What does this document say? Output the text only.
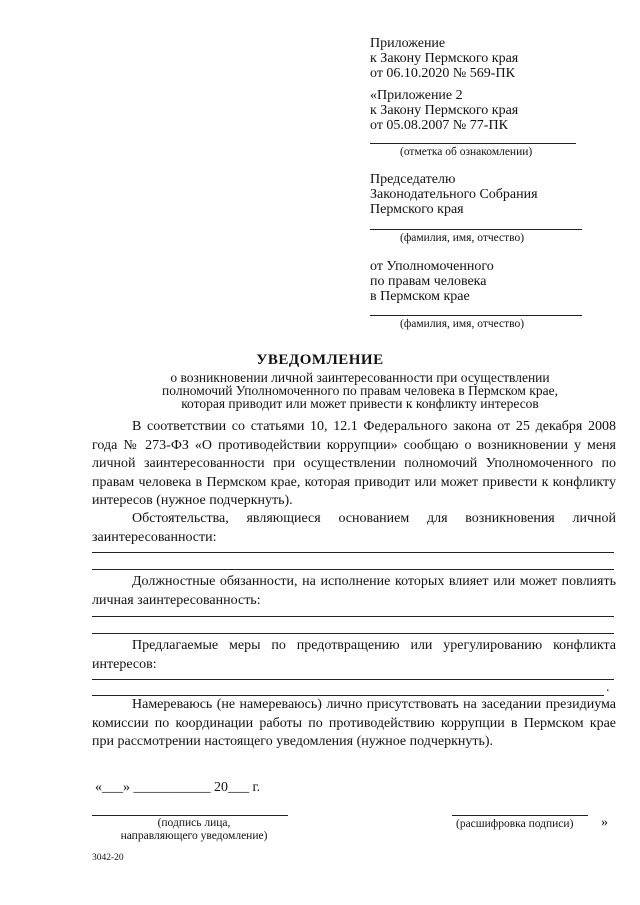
Приложение
к Закону Пермского края
от 06.10.2020 № 569-ПК
«Приложение 2
к Закону Пермского края
от 05.08.2007 № 77-ПК
(отметка об ознакомлении)
Председателю
Законодательного Собрания
Пермского края
(фамилия, имя, отчество)
от Уполномоченного
по правам человека
в Пермском крае
(фамилия, имя, отчество)
УВЕДОМЛЕНИЕ
о возникновении личной заинтересованности при осуществлении
полномочий Уполномоченного по правам человека в Пермском крае,
которая приводит или может привести к конфликту интересов

В соответствии со статьями 10, 12.1 Федерального закона от 25 декабря 2008 года № 273-ФЗ «О противодействии коррупции» сообщаю о возникновении у меня личной заинтересованности при осуществлении полномочий Уполномоченного по правам человека в Пермском крае, которая приводит или может привести к конфликту интересов (нужное подчеркнуть).

Обстоятельства, являющиеся основанием для возникновения личной заинтересованности:

Должностные обязанности, на исполнение которых влияет или может повлиять личная заинтересованность:

Предлагаемые меры по предотвращению или урегулированию конфликта интересов:

.

Намереваюсь (не намереваюсь) лично присутствовать на заседании президиума комиссии по координации работы по противодействию коррупции в Пермском крае при рассмотрении настоящего уведомления (нужное подчеркнуть).

«___» ___________ 20___ г.
(подпись лица,
направляющего уведомление)
(расшифровка подписи) »
3042-20
